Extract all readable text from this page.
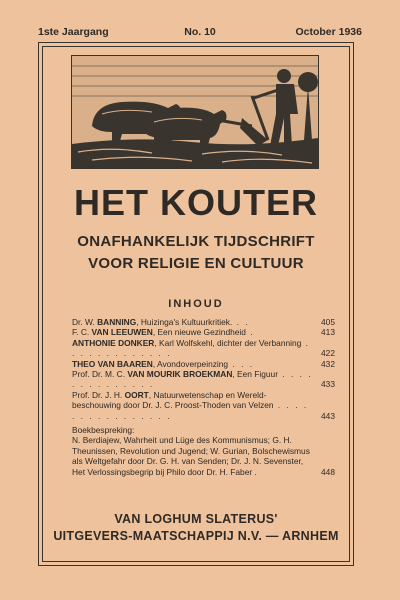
1ste Jaargang	No. 10	October 1936
HET KOUTER

ONAFHANKELIJK TIJDSCHRIFT

VOOR RELIGIE EN CULTUUR

INHOUD
Dr. W. BANNING, Huizinga's Kultuurkritiek. . .	405
F. C. VAN LEEUWEN, Een nieuwe Gezindheid .	413
ANTHONIE DONKER, Karl Wolfskehl, dichter der Verbanning . . . . . . . . . . . . .	422
THEO VAN BAAREN, Avondoverpeinzing . . .	432
Prof. Dr. M. C. VAN MOURIK BROEKMAN, Een Figuur . . . . . . . . . . . . . .	433
Prof. Dr. J. H. OORT, Natuurwetenschap en Wereld-beschouwing door Dr. J. C. Proost-Thoden van Velzen . . . . . . . . . . . . . . . .	443
Boekbespreking:
N. Berdiajew, Wahrheit und Lüge des Kommunismus; G. H. Theunissen, Revolution und Jugend; W. Gurian, Bolschewismus als Weltgefahr door Dr. G. H. van Senden; Dr. J. N. Sevenster, Het Verlossingsbegrip bij Philo door Dr. H. Faber .	448
VAN LOGHUM SLATERUS'
UITGEVERS-MAATSCHAPPIJ N.V. — ARNHEM
